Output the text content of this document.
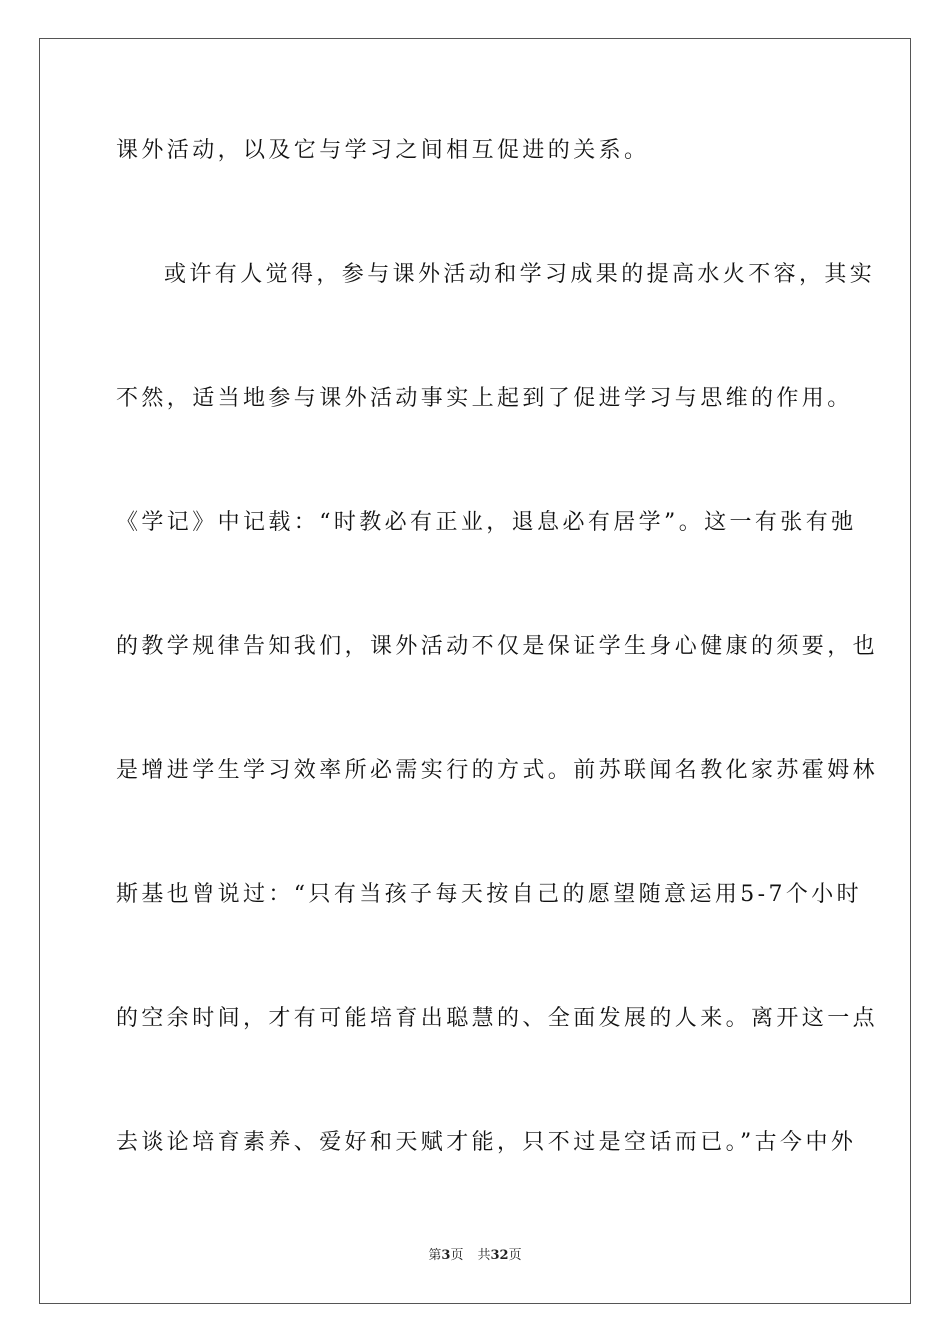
课外活动，以及它与学习之间相互促进的关系。
或许有人觉得，参与课外活动和学习成果的提高水火不容，其实
不然，适当地参与课外活动事实上起到了促进学习与思维的作用。
《学记》中记载：“时教必有正业，退息必有居学”。这一有张有弛
的教学规律告知我们，课外活动不仅是保证学生身心健康的须要，也
是增进学生学习效率所必需实行的方式。前苏联闻名教化家苏霍姆林
斯基也曾说过：“只有当孩子每天按自己的愿望随意运用5-7个小时
的空余时间，才有可能培育出聪慧的、全面发展的人来。离开这一点
去谈论培育素养、爱好和天赋才能，只不过是空话而已。”古今中外
第3页 共32页
